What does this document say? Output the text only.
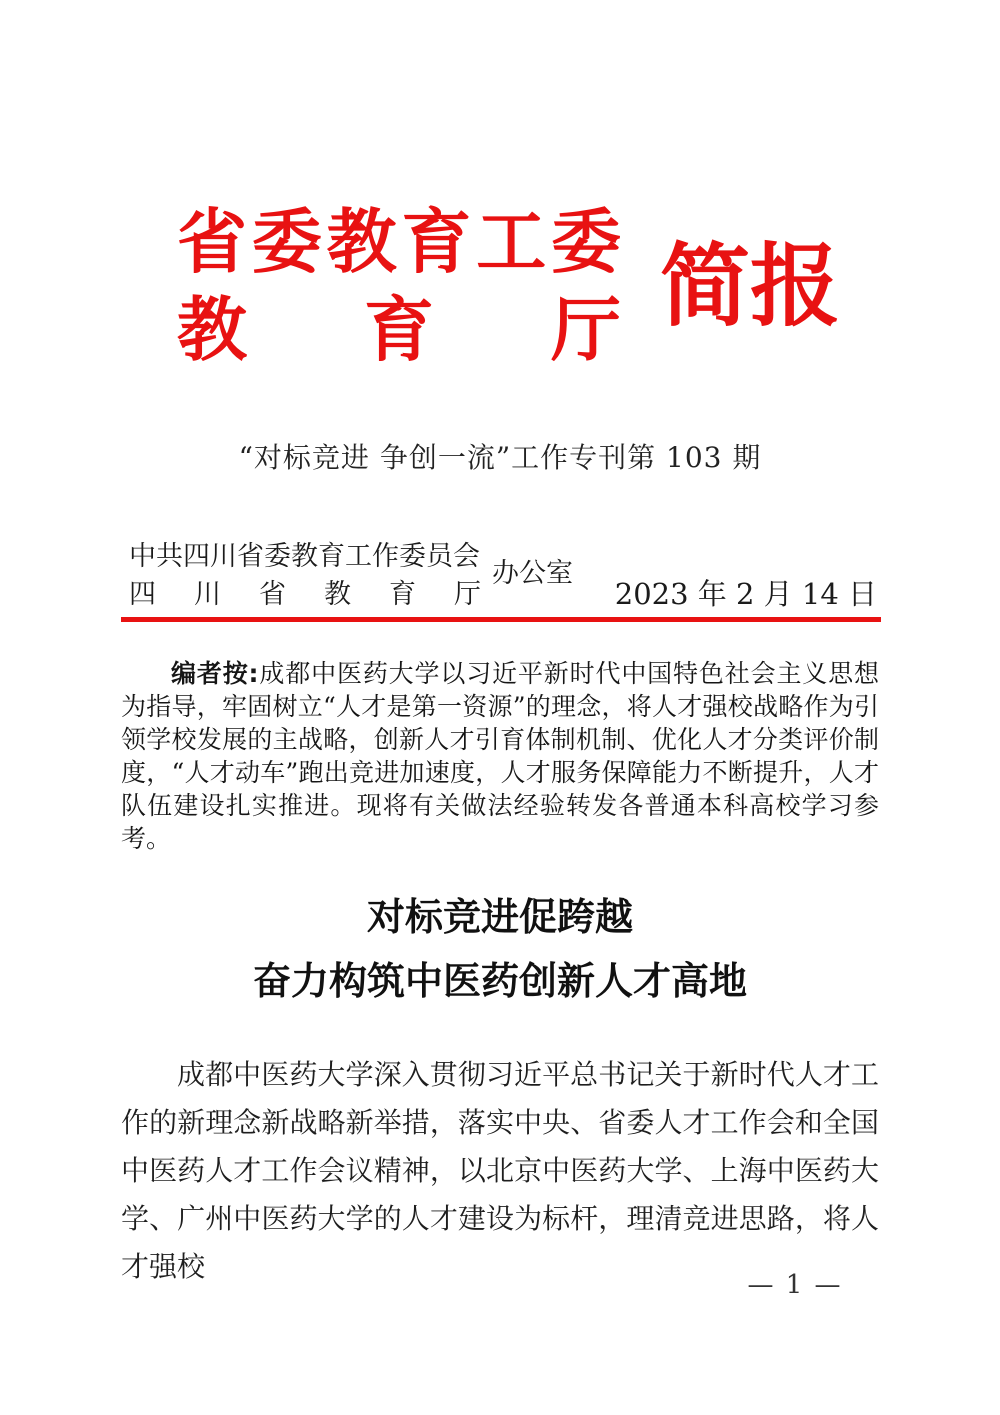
省 委 教 育 工 委
教 育 厅 简 报
“对标竞进 争创一流”工作专刊第 103 期
中共四川省委教育工作委员会
四 川 省 教 育 厅
办公室
2023 年 2 月 14 日

编者按:成都中医药大学以习近平新时代中国特色社会主义思想为指导，牢固树立“人才是第一资源”的理念，将人才强校战略作为引领学校发展的主战略，创新人才引育体制机制、优化人才分类评价制度，“人才动车”跑出竞进加速度，人才服务保障能力不断提升，人才队伍建设扎实推进。现将有关做法经验转发各普通本科高校学习参考。

对标竞进促跨越
奋力构筑中医药创新人才高地

成都中医药大学深入贯彻习近平总书记关于新时代人才工作的新理念新战略新举措，落实中央、省委人才工作会和全国中医药人才工作会议精神，以北京中医药大学、上海中医药大学、广州中医药大学的人才建设为标杆，理清竞进思路，将人才强校

— 1 —
